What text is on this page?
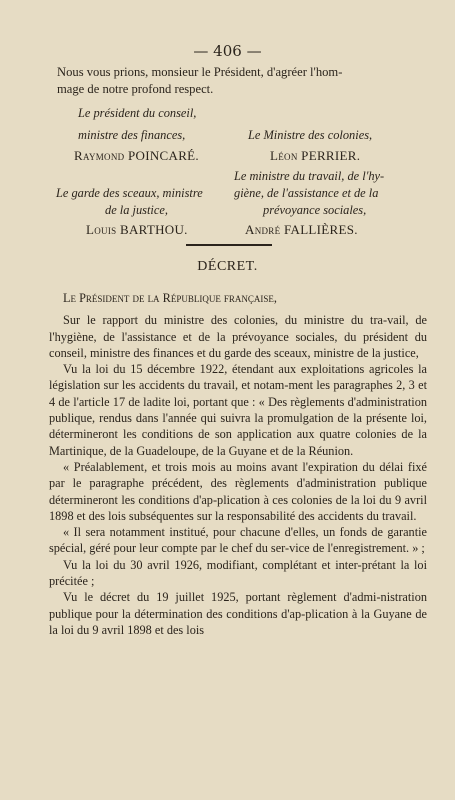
— 406 —
Nous vous prions, monsieur le Président, d'agréer l'hom-
mage de notre profond respect.
Le président du conseil,
ministre des finances,
Raymond POINCARÉ.
Le Ministre des colonies,
Léon PERRIER.
Le ministre du travail, de l'hy-
giène, de l'assistance et de la
prévoyance sociales,
André FALLIÈRES.
Le garde des sceaux, ministre
de la justice,
Louis BARTHOU.
DÉCRET.

Le Président de la République française,

Sur le rapport du ministre des colonies, du ministre du tra-vail, de l'hygiène, de l'assistance et de la prévoyance sociales, du président du conseil, ministre des finances et du garde des sceaux, ministre de la justice,

Vu la loi du 15 décembre 1922, étendant aux exploitations agricoles la législation sur les accidents du travail, et notam-ment les paragraphes 2, 3 et 4 de l'article 17 de ladite loi, portant que : « Des règlements d'administration publique, rendus dans l'année qui suivra la promulgation de la présente loi, détermineront les conditions de son application aux quatre colonies de la Martinique, de la Guadeloupe, de la Guyane et de la Réunion.

« Préalablement, et trois mois au moins avant l'expiration du délai fixé par le paragraphe précédent, des règlements d'administration publique détermineront les conditions d'ap-plication à ces colonies de la loi du 9 avril 1898 et des lois subséquentes sur la responsabilité des accidents du travail.

« Il sera notamment institué, pour chacune d'elles, un fonds de garantie spécial, géré pour leur compte par le chef du ser-vice de l'enregistrement. » ;

Vu la loi du 30 avril 1926, modifiant, complétant et inter-prétant la loi précitée ;

Vu le décret du 19 juillet 1925, portant règlement d'admi-nistration publique pour la détermination des conditions d'ap-plication à la Guyane de la loi du 9 avril 1898 et des lois
